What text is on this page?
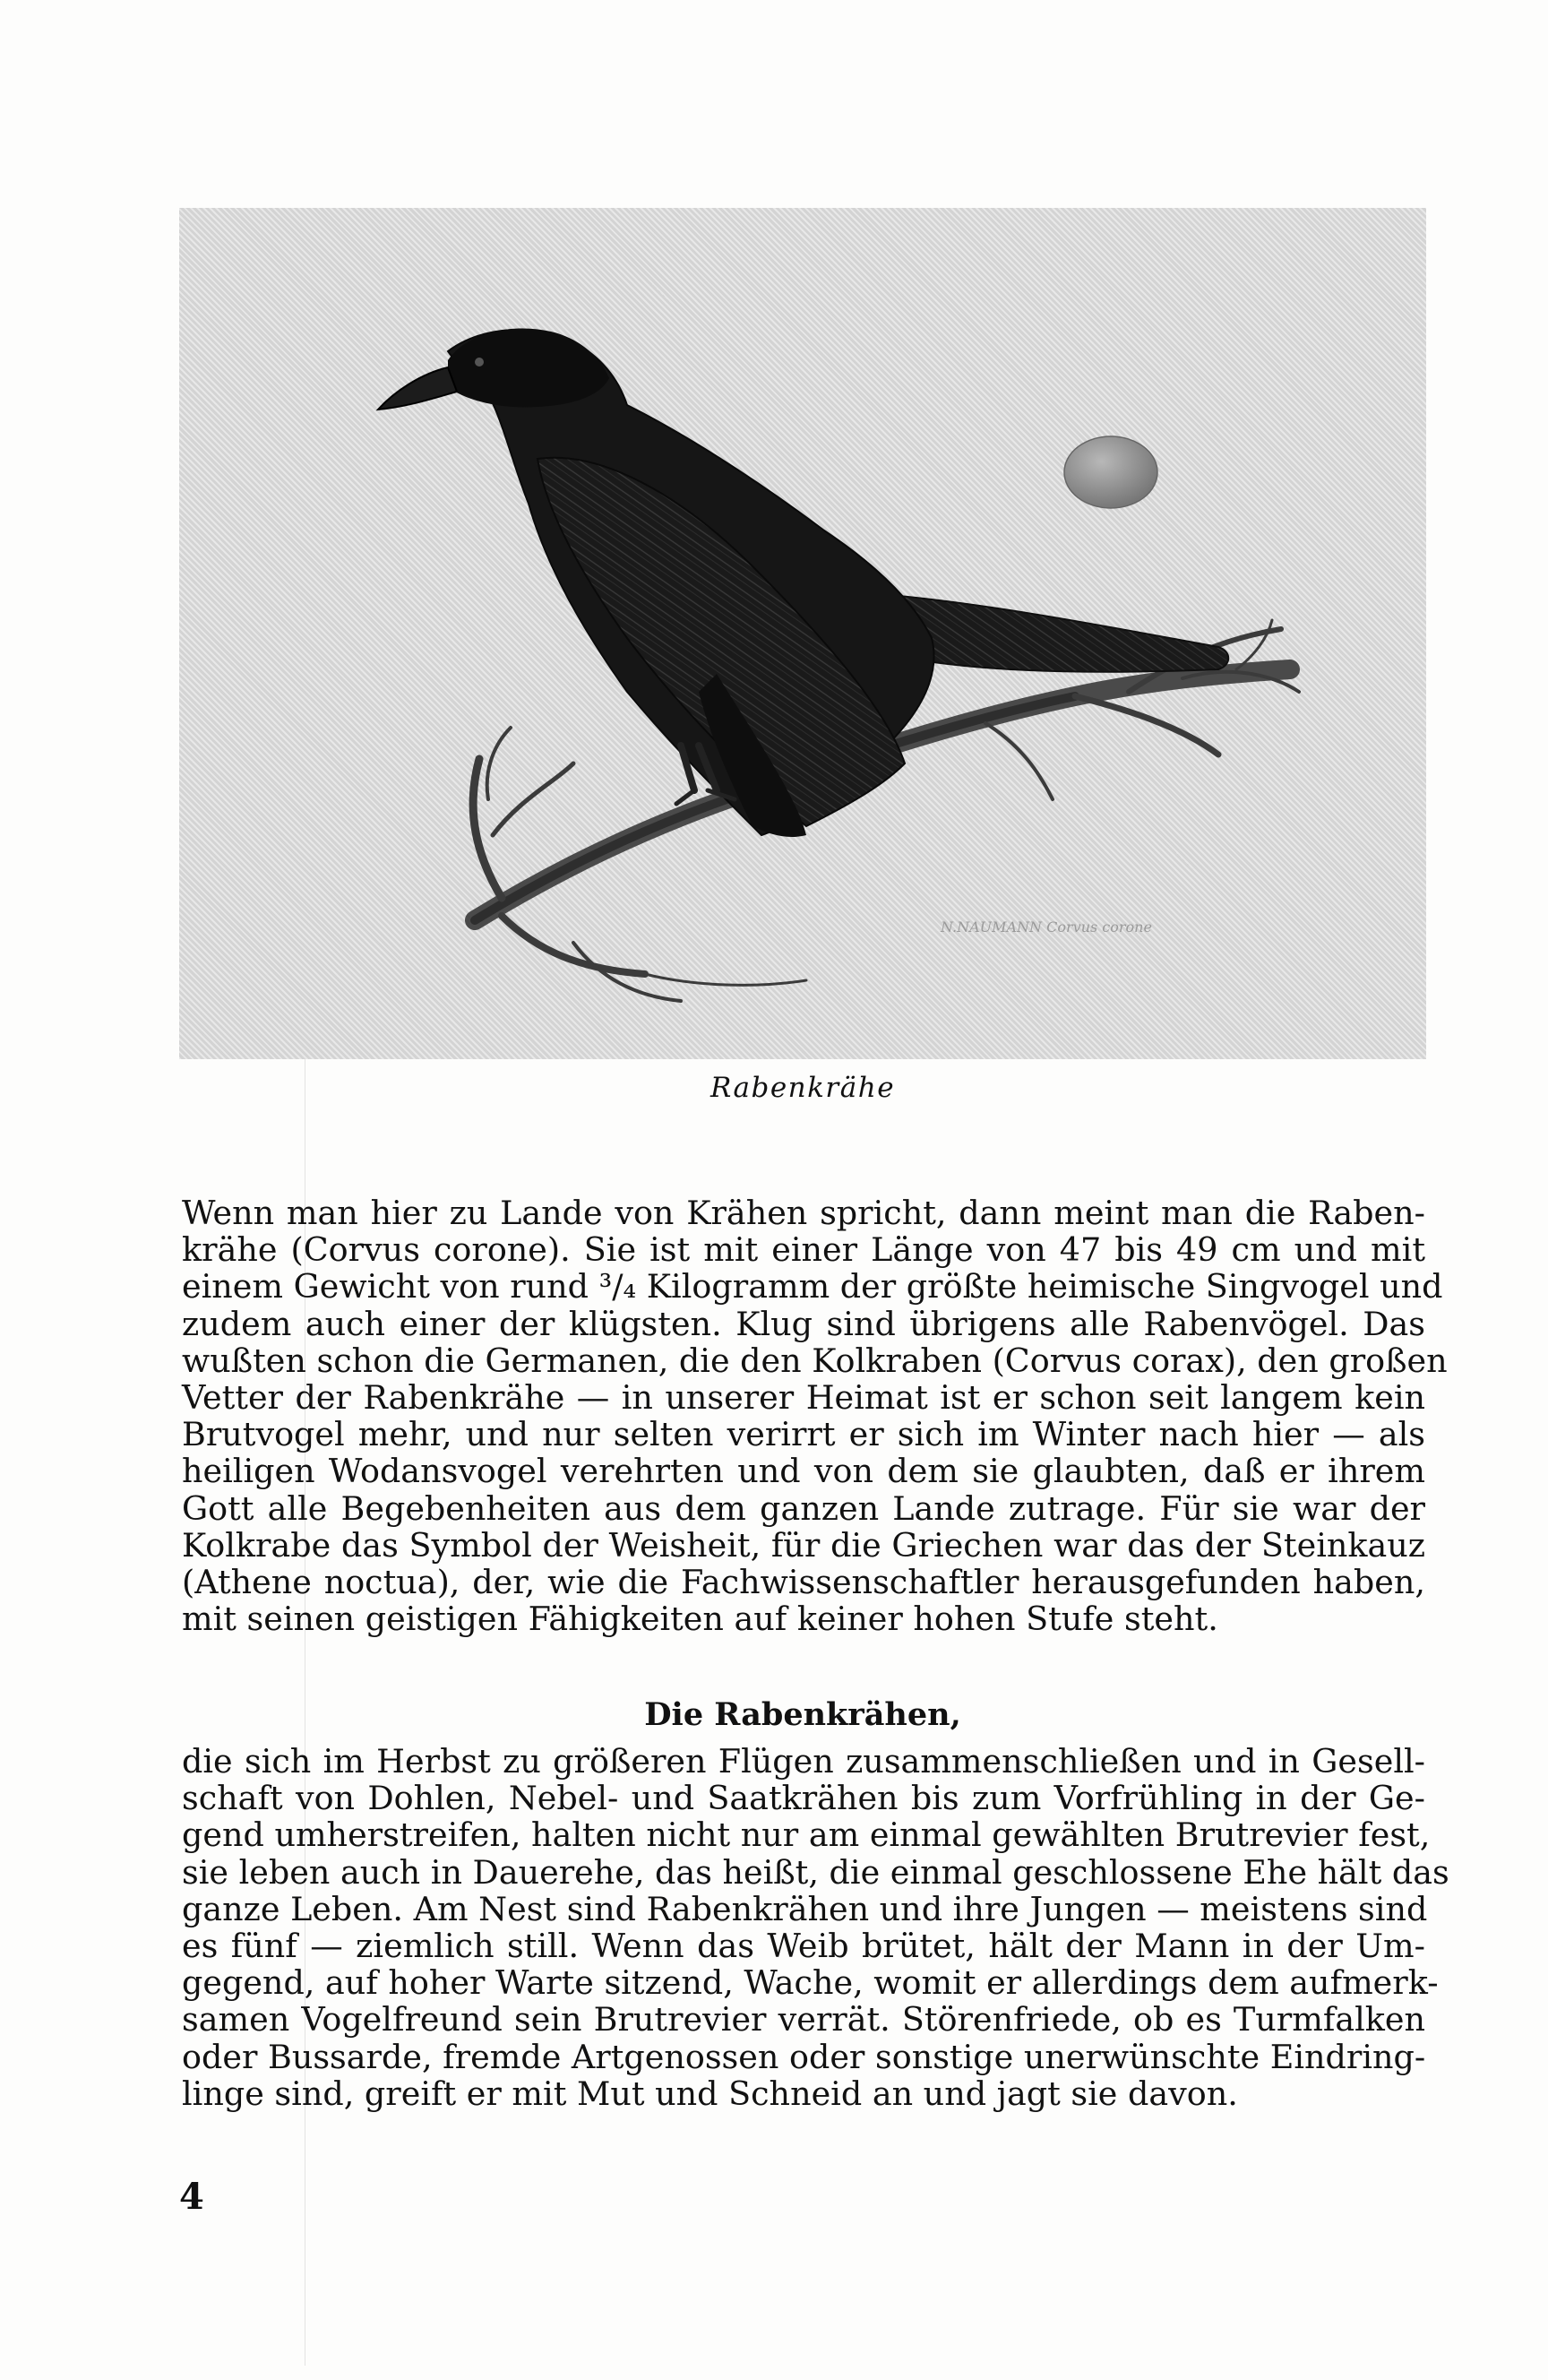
N.NAUMANN Corvus corone
Rabenkrähe
Wenn man hier zu Lande von Krähen spricht, dann meint man die Raben-
krähe (Corvus corone). Sie ist mit einer Länge von 47 bis 49 cm und mit
einem Gewicht von rund ³/₄ Kilogramm der größte heimische Singvogel und
zudem auch einer der klügsten. Klug sind übrigens alle Rabenvögel. Das
wußten schon die Germanen, die den Kolkraben (Corvus corax), den großen
Vetter der Rabenkrähe — in unserer Heimat ist er schon seit langem kein
Brutvogel mehr, und nur selten verirrt er sich im Winter nach hier — als
heiligen Wodansvogel verehrten und von dem sie glaubten, daß er ihrem
Gott alle Begebenheiten aus dem ganzen Lande zutrage. Für sie war der
Kolkrabe das Symbol der Weisheit, für die Griechen war das der Steinkauz
(Athene noctua), der, wie die Fachwissenschaftler herausgefunden haben,
mit seinen geistigen Fähigkeiten auf keiner hohen Stufe steht.
Die Rabenkrähen,
die sich im Herbst zu größeren Flügen zusammenschließen und in Gesell-
schaft von Dohlen, Nebel- und Saatkrähen bis zum Vorfrühling in der Ge-
gend umherstreifen, halten nicht nur am einmal gewählten Brutrevier fest,
sie leben auch in Dauerehe, das heißt, die einmal geschlossene Ehe hält das
ganze Leben. Am Nest sind Rabenkrähen und ihre Jungen — meistens sind
es fünf — ziemlich still. Wenn das Weib brütet, hält der Mann in der Um-
gegend, auf hoher Warte sitzend, Wache, womit er allerdings dem aufmerk-
samen Vogelfreund sein Brutrevier verrät. Störenfriede, ob es Turmfalken
oder Bussarde, fremde Artgenossen oder sonstige unerwünschte Eindring-
linge sind, greift er mit Mut und Schneid an und jagt sie davon.
4
